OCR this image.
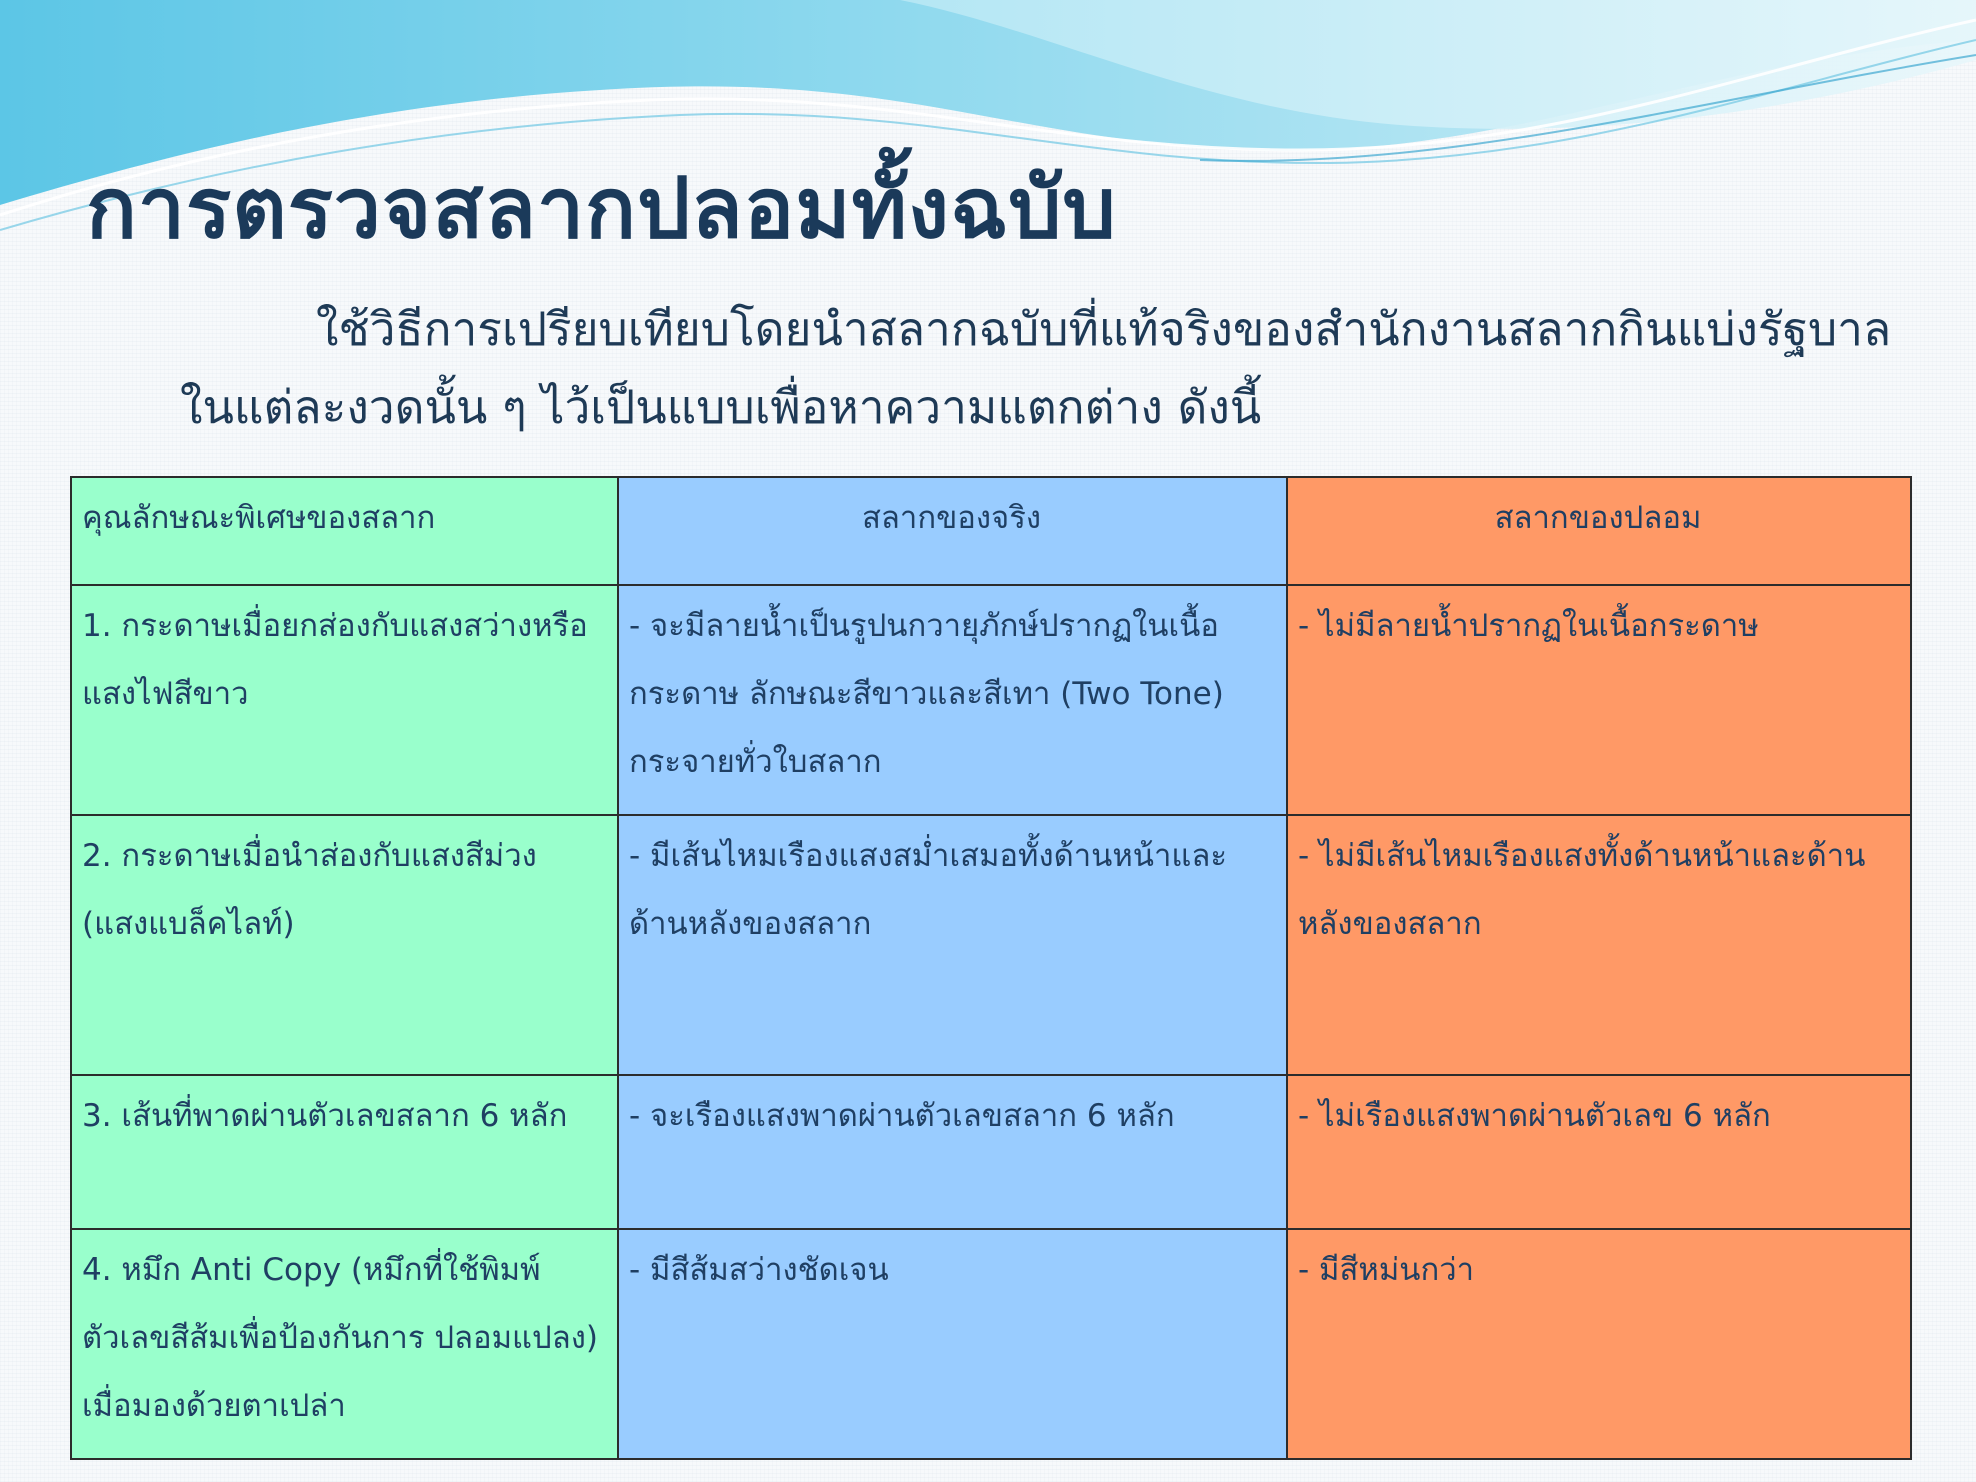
การตรวจสลากปลอมทั้งฉบับ

ใช้วิธีการเปรียบเทียบโดยนำสลากฉบับที่แท้จริงของสำนักงานสลากกินแบ่งรัฐบาลในแต่ละงวดนั้น ๆ ไว้เป็นแบบเพื่อหาความแตกต่าง ดังนี้

คุณลักษณะพิเศษของสลาก	สลากของจริง	สลากของปลอม
1. กระดาษเมื่อยกส่องกับแสงสว่างหรือแสงไฟสีขาว	- จะมีลายน้ำเป็นรูปนกวายุภักษ์ปรากฏในเนื้อกระดาษ ลักษณะสีขาวและสีเทา (Two Tone) กระจายทั่วใบสลาก	- ไม่มีลายน้ำปรากฏในเนื้อกระดาษ
2. กระดาษเมื่อนำส่องกับแสงสีม่วง (แสงแบล็คไลท์)	- มีเส้นไหมเรืองแสงสม่ำเสมอทั้งด้านหน้าและด้านหลังของสลาก	- ไม่มีเส้นไหมเรืองแสงทั้งด้านหน้าและด้านหลังของสลาก
3. เส้นที่พาดผ่านตัวเลขสลาก 6 หลัก	- จะเรืองแสงพาดผ่านตัวเลขสลาก 6 หลัก	- ไม่เรืองแสงพาดผ่านตัวเลข 6 หลัก
4. หมึก Anti Copy (หมึกที่ใช้พิมพ์ตัวเลขสีส้มเพื่อป้องกันการ ปลอมแปลง) เมื่อมองด้วยตาเปล่า	- มีสีส้มสว่างชัดเจน	- มีสีหม่นกว่า
